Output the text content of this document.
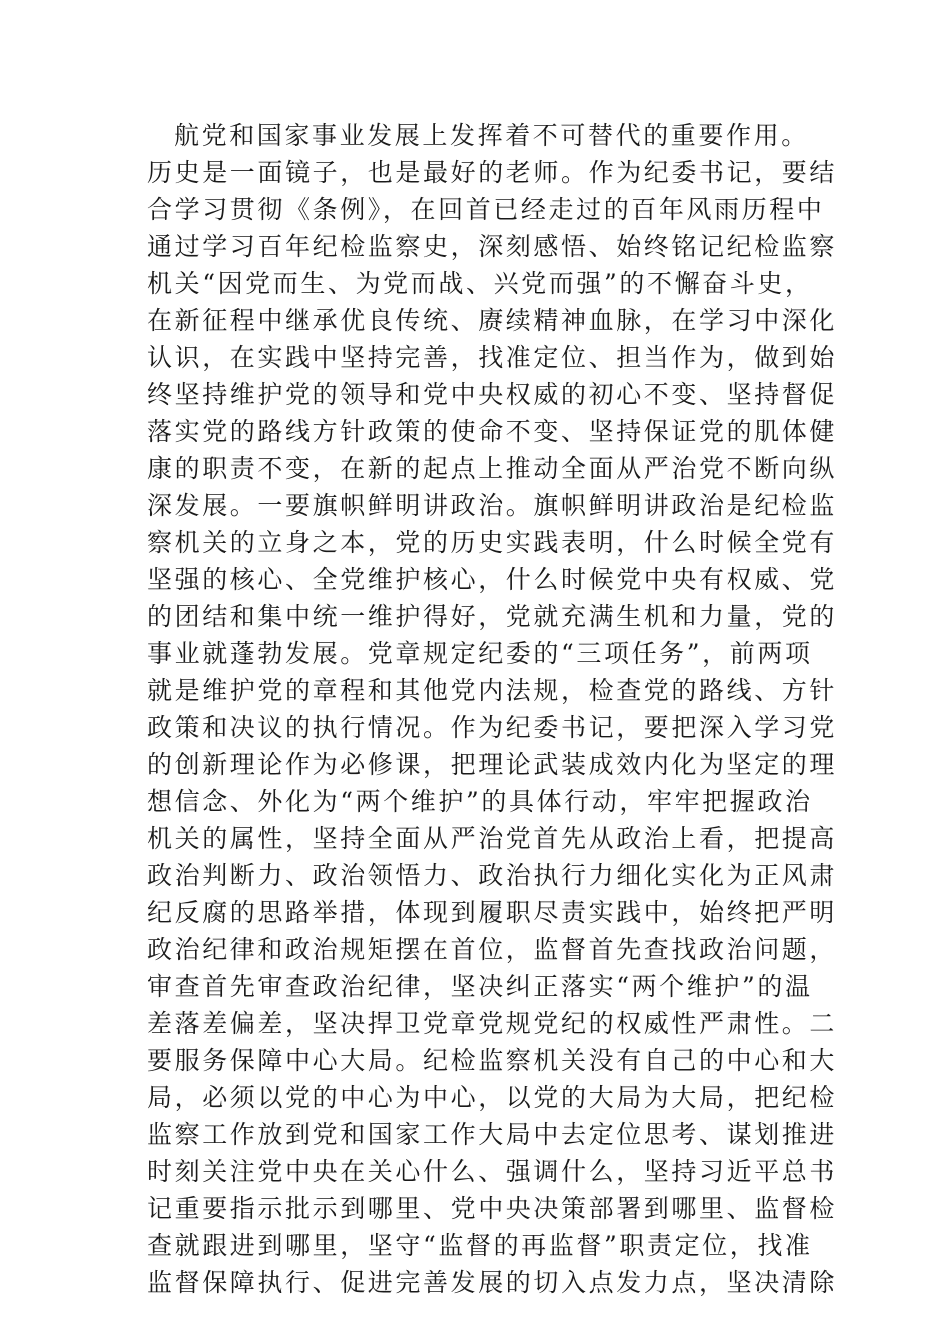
航党和国家事业发展上发挥着不可替代的重要作用。
历史是一面镜子，也是最好的老师。作为纪委书记，要结
合学习贯彻《条例》，在回首已经走过的百年风雨历程中
通过学习百年纪检监察史，深刻感悟、始终铭记纪检监察
机关“因党而生、为党而战、兴党而强”的不懈奋斗史，
在新征程中继承优良传统、赓续精神血脉，在学习中深化
认识，在实践中坚持完善，找准定位、担当作为，做到始
终坚持维护党的领导和党中央权威的初心不变、坚持督促
落实党的路线方针政策的使命不变、坚持保证党的肌体健
康的职责不变，在新的起点上推动全面从严治党不断向纵
深发展。一要旗帜鲜明讲政治。旗帜鲜明讲政治是纪检监
察机关的立身之本，党的历史实践表明，什么时候全党有
坚强的核心、全党维护核心，什么时候党中央有权威、党
的团结和集中统一维护得好，党就充满生机和力量，党的
事业就蓬勃发展。党章规定纪委的“三项任务”，前两项
就是维护党的章程和其他党内法规，检查党的路线、方针
政策和决议的执行情况。作为纪委书记，要把深入学习党
的创新理论作为必修课，把理论武装成效内化为坚定的理
想信念、外化为“两个维护”的具体行动，牢牢把握政治
机关的属性，坚持全面从严治党首先从政治上看，把提高
政治判断力、政治领悟力、政治执行力细化实化为正风肃
纪反腐的思路举措，体现到履职尽责实践中，始终把严明
政治纪律和政治规矩摆在首位，监督首先查找政治问题，
审查首先审查政治纪律，坚决纠正落实“两个维护”的温
差落差偏差，坚决捍卫党章党规党纪的权威性严肃性。二
要服务保障中心大局。纪检监察机关没有自己的中心和大
局，必须以党的中心为中心，以党的大局为大局，把纪检
监察工作放到党和国家工作大局中去定位思考、谋划推进
时刻关注党中央在关心什么、强调什么，坚持习近平总书
记重要指示批示到哪里、党中央决策部署到哪里、监督检
查就跟进到哪里，坚守“监督的再监督”职责定位，找准
监督保障执行、促进完善发展的切入点发力点，坚决清除
